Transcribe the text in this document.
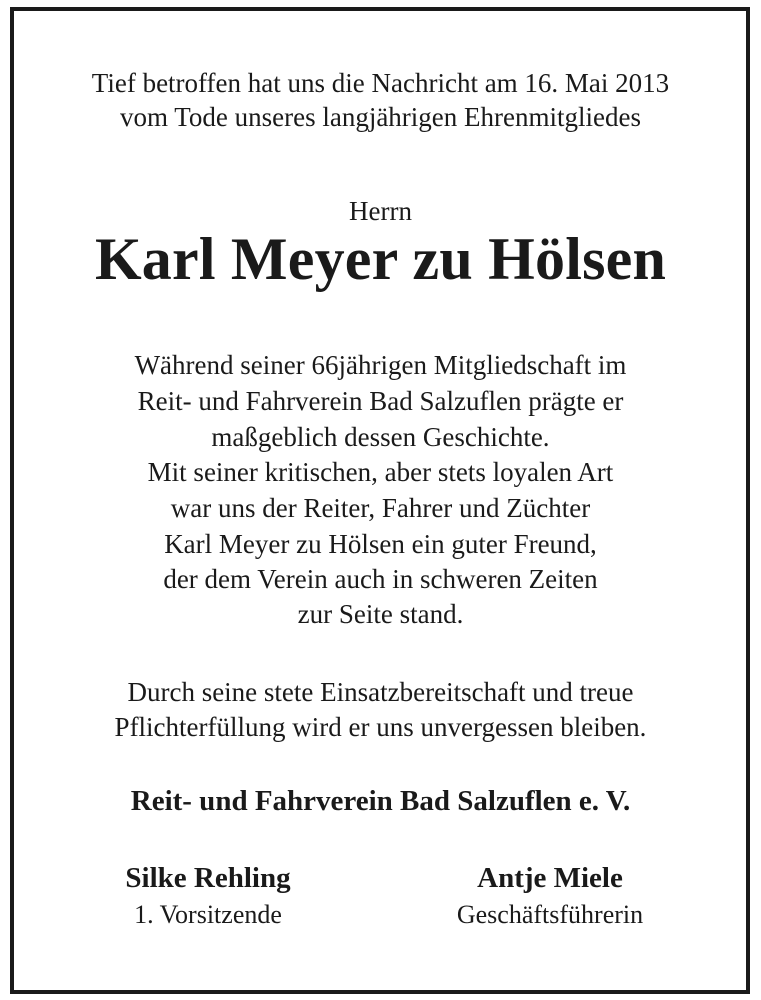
Tief betroffen hat uns die Nachricht am 16. Mai 2013
vom Tode unseres langjährigen Ehrenmitgliedes
Herrn
Karl Meyer zu Hölsen
Während seiner 66jährigen Mitgliedschaft im
Reit- und Fahrverein Bad Salzuflen prägte er
maßgeblich dessen Geschichte.
Mit seiner kritischen, aber stets loyalen Art
war uns der Reiter, Fahrer und Züchter
Karl Meyer zu Hölsen ein guter Freund,
der dem Verein auch in schweren Zeiten
zur Seite stand.
Durch seine stete Einsatzbereitschaft und treue
Pflichterfüllung wird er uns unvergessen bleiben.
Reit- und Fahrverein Bad Salzuflen e. V.
Silke Rehling
1. Vorsitzende
Antje Miele
Geschäftsführerin
